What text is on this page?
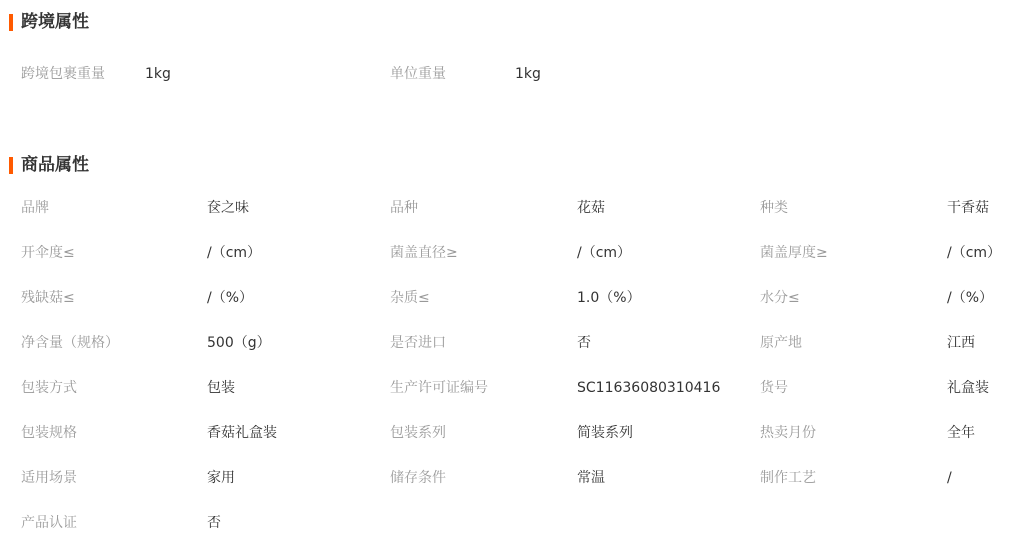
跨境属性
跨境包裹重量	1kg	单位重量	1kg
商品属性
品牌	奁之味	品种	花菇	种类	干香菇
开伞度≤	/（cm）	菌盖直径≥	/（cm）	菌盖厚度≥	/（cm）
残缺菇≤	/（%）	杂质≤	1.0（%）	水分≤	/（%）
净含量（规格）	500（g）	是否进口	否	原产地	江西
包装方式	包装	生产许可证编号	SC11636080310416	货号	礼盒装
包装规格	香菇礼盒装	包装系列	简装系列	热卖月份	全年
适用场景	家用	储存条件	常温	制作工艺	/
产品认证	否
